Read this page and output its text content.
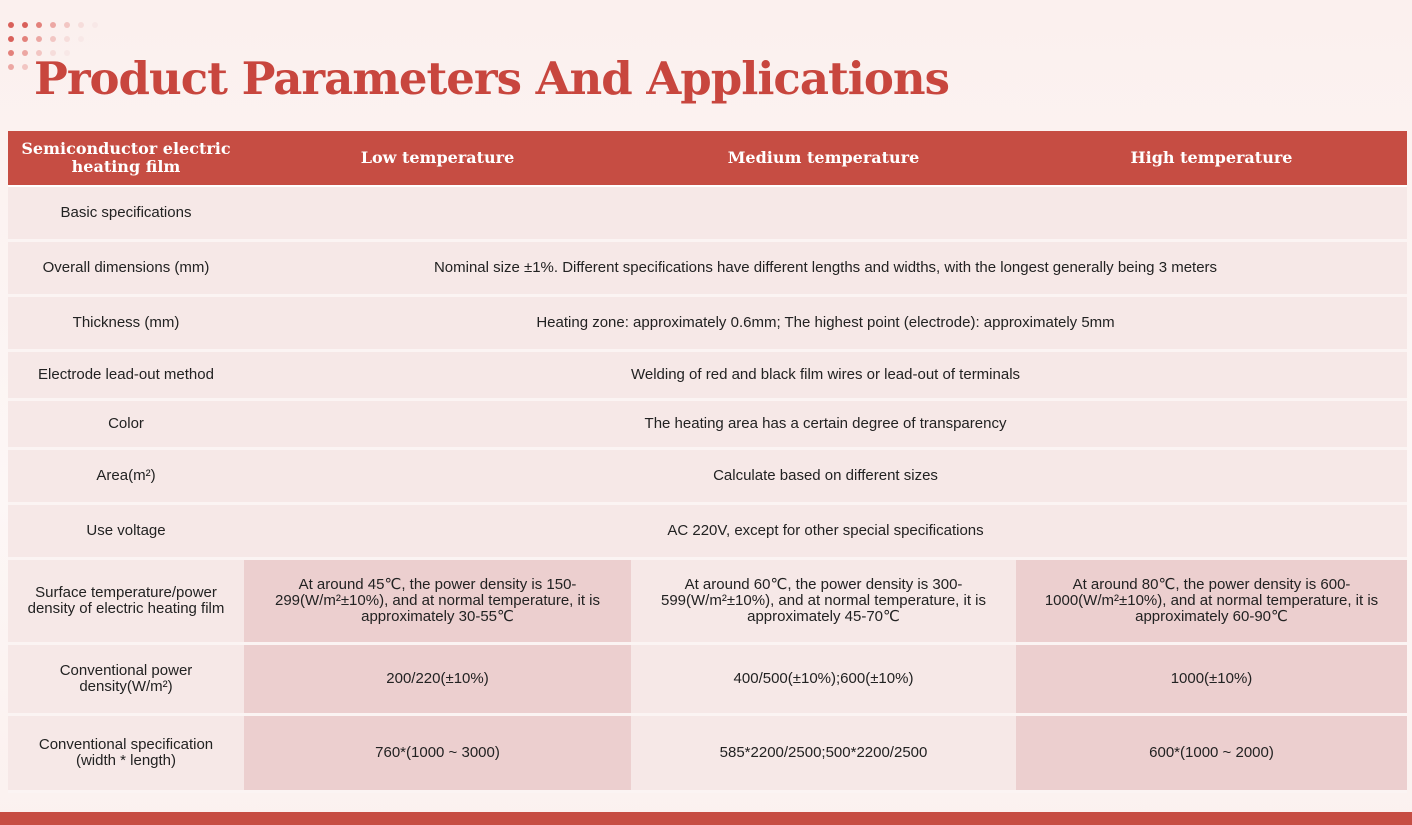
Product Parameters And Applications
Semiconductor electric heating film	Low temperature	Medium temperature	High temperature
Basic specifications			
Overall dimensions (mm)	Nominal size ±1%. Different specifications have different lengths and widths, with the longest generally being 3 meters		
Thickness (mm)	Heating zone: approximately 0.6mm; The highest point (electrode): approximately 5mm		
Electrode lead-out method	Welding of red and black film wires or lead-out of terminals		
Color	The heating area has a certain degree of transparency		
Area(m²)	Calculate based on different sizes		
Use voltage	AC 220V, except for other special specifications		
Surface temperature/power density of electric heating film	At around 45℃, the power density is 150-299(W/m²±10%), and at normal temperature, it is approximately 30-55℃	At around 60℃, the power density is 300-599(W/m²±10%), and at normal temperature, it is approximately 45-70℃	At around 80℃, the power density is 600-1000(W/m²±10%), and at normal temperature, it is approximately 60-90℃
Conventional power density(W/m²)	200/220(±10%)	400/500(±10%);600(±10%)	1000(±10%)
Conventional specification (width * length)	760*(1000 ~ 3000)	585*2200/2500;500*2200/2500	600*(1000 ~ 2000)
